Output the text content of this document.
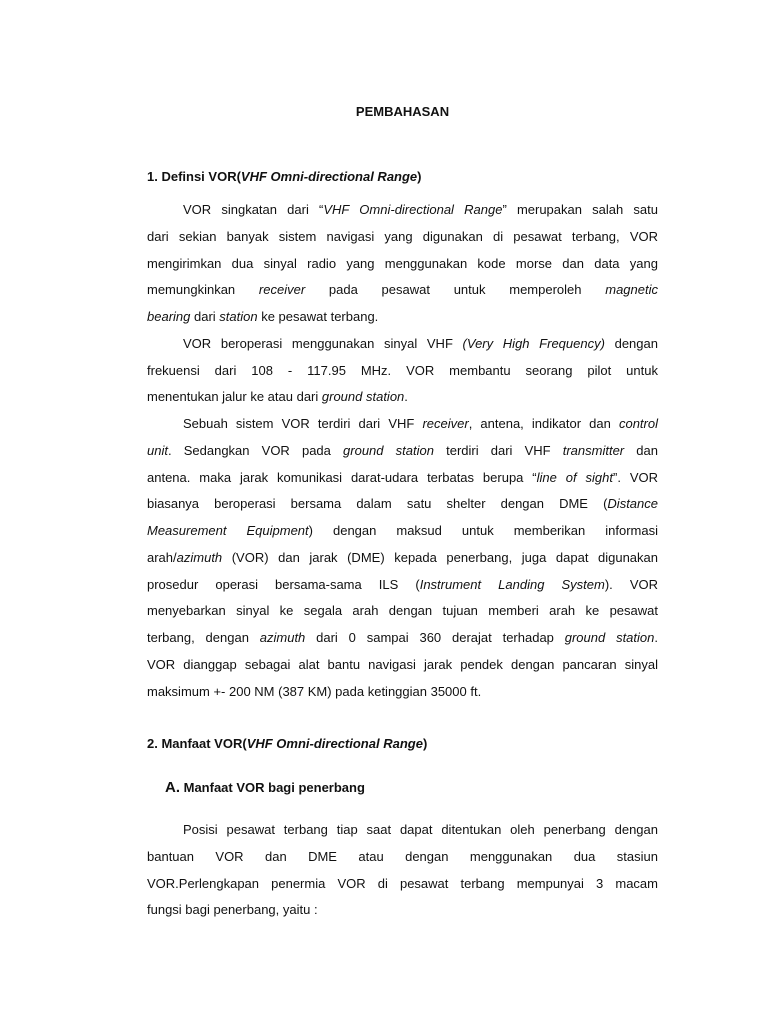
PEMBAHASAN
1. Definsi VOR(VHF Omni-directional Range)
VOR singkatan dari “VHF Omni-directional Range” merupakan salah satu
dari sekian banyak sistem navigasi yang digunakan di pesawat terbang, VOR
mengirimkan dua sinyal radio yang menggunakan kode morse dan data yang
memungkinkan receiver pada pesawat untuk memperoleh magnetic
bearing dari station ke pesawat terbang.
VOR beroperasi menggunakan sinyal VHF (Very High Frequency) dengan
frekuensi dari 108 - 117.95 MHz. VOR membantu seorang pilot untuk
menentukan jalur ke atau dari ground station.
Sebuah sistem VOR terdiri dari VHF receiver, antena, indikator dan control
unit. Sedangkan VOR pada ground station terdiri dari VHF transmitter dan
antena. maka jarak komunikasi darat-udara terbatas berupa “line of sight”. VOR
biasanya beroperasi bersama dalam satu shelter dengan DME (Distance
Measurement Equipment) dengan maksud untuk memberikan informasi
arah/azimuth (VOR) dan jarak (DME) kepada penerbang, juga dapat digunakan
prosedur operasi bersama-sama ILS (Instrument Landing System). VOR
menyebarkan sinyal ke segala arah dengan tujuan memberi arah ke pesawat
terbang, dengan azimuth dari 0 sampai 360 derajat terhadap ground station.
VOR dianggap sebagai alat bantu navigasi jarak pendek dengan pancaran sinyal
maksimum +- 200 NM (387 KM) pada ketinggian 35000 ft.
2. Manfaat VOR(VHF Omni-directional Range)
A. Manfaat VOR bagi penerbang
Posisi pesawat terbang tiap saat dapat ditentukan oleh penerbang dengan
bantuan VOR dan DME atau dengan menggunakan dua stasiun
VOR.Perlengkapan penermia VOR di pesawat terbang mempunyai 3 macam
fungsi bagi penerbang, yaitu :
